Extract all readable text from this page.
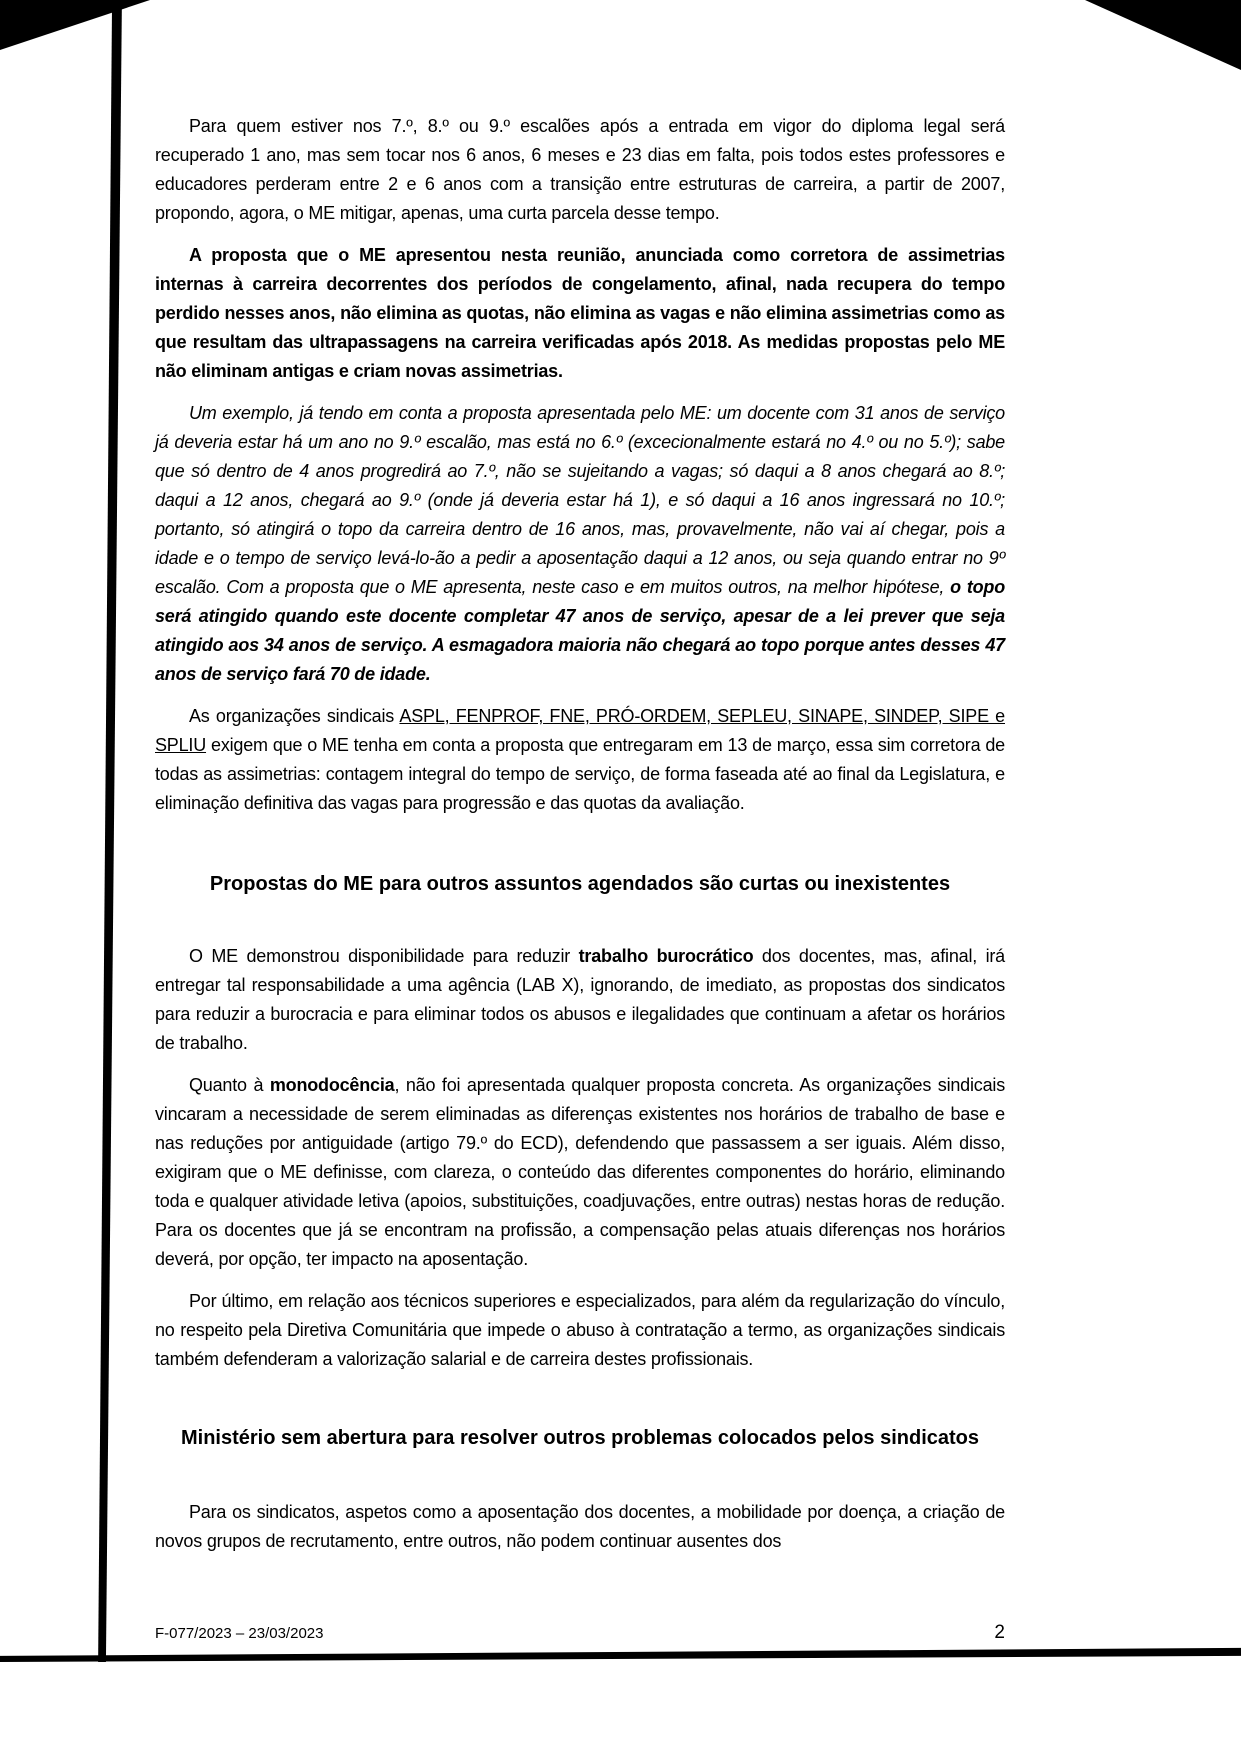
Para quem estiver nos 7.º, 8.º ou 9.º escalões após a entrada em vigor do diploma legal será recuperado 1 ano, mas sem tocar nos 6 anos, 6 meses e 23 dias em falta, pois todos estes professores e educadores perderam entre 2 e 6 anos com a transição entre estruturas de carreira, a partir de 2007, propondo, agora, o ME mitigar, apenas, uma curta parcela desse tempo.

A proposta que o ME apresentou nesta reunião, anunciada como corretora de assimetrias internas à carreira decorrentes dos períodos de congelamento, afinal, nada recupera do tempo perdido nesses anos, não elimina as quotas, não elimina as vagas e não elimina assimetrias como as que resultam das ultrapassagens na carreira verificadas após 2018. As medidas propostas pelo ME não eliminam antigas e criam novas assimetrias.

Um exemplo, já tendo em conta a proposta apresentada pelo ME: um docente com 31 anos de serviço já deveria estar há um ano no 9.º escalão, mas está no 6.º (excecionalmente estará no 4.º ou no 5.º); sabe que só dentro de 4 anos progredirá ao 7.º, não se sujeitando a vagas; só daqui a 8 anos chegará ao 8.º; daqui a 12 anos, chegará ao 9.º (onde já deveria estar há 1), e só daqui a 16 anos ingressará no 10.º; portanto, só atingirá o topo da carreira dentro de 16 anos, mas, provavelmente, não vai aí chegar, pois a idade e o tempo de serviço levá-lo-ão a pedir a aposentação daqui a 12 anos, ou seja quando entrar no 9º escalão. Com a proposta que o ME apresenta, neste caso e em muitos outros, na melhor hipótese, o topo será atingido quando este docente completar 47 anos de serviço, apesar de a lei prever que seja atingido aos 34 anos de serviço. A esmagadora maioria não chegará ao topo porque antes desses 47 anos de serviço fará 70 de idade.

As organizações sindicais ASPL, FENPROF, FNE, PRÓ-ORDEM, SEPLEU, SINAPE, SINDEP, SIPE e SPLIU exigem que o ME tenha em conta a proposta que entregaram em 13 de março, essa sim corretora de todas as assimetrias: contagem integral do tempo de serviço, de forma faseada até ao final da Legislatura, e eliminação definitiva das vagas para progressão e das quotas da avaliação.

Propostas do ME para outros assuntos agendados são curtas ou inexistentes

O ME demonstrou disponibilidade para reduzir trabalho burocrático dos docentes, mas, afinal, irá entregar tal responsabilidade a uma agência (LAB X), ignorando, de imediato, as propostas dos sindicatos para reduzir a burocracia e para eliminar todos os abusos e ilegalidades que continuam a afetar os horários de trabalho.

Quanto à monodocência, não foi apresentada qualquer proposta concreta. As organizações sindicais vincaram a necessidade de serem eliminadas as diferenças existentes nos horários de trabalho de base e nas reduções por antiguidade (artigo 79.º do ECD), defendendo que passassem a ser iguais. Além disso, exigiram que o ME definisse, com clareza, o conteúdo das diferentes componentes do horário, eliminando toda e qualquer atividade letiva (apoios, substituições, coadjuvações, entre outras) nestas horas de redução. Para os docentes que já se encontram na profissão, a compensação pelas atuais diferenças nos horários deverá, por opção, ter impacto na aposentação.

Por último, em relação aos técnicos superiores e especializados, para além da regularização do vínculo, no respeito pela Diretiva Comunitária que impede o abuso à contratação a termo, as organizações sindicais também defenderam a valorização salarial e de carreira destes profissionais.

Ministério sem abertura para resolver outros problemas colocados pelos sindicatos

Para os sindicatos, aspetos como a aposentação dos docentes, a mobilidade por doença, a criação de novos grupos de recrutamento, entre outros, não podem continuar ausentes dos

F-077/2023 – 23/03/2023	2
